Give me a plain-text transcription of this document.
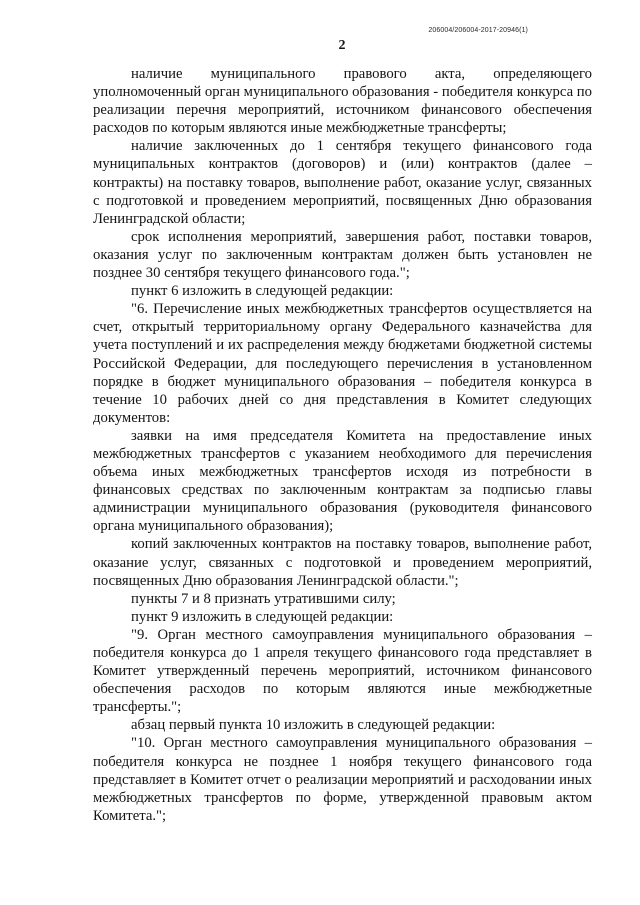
206004/206004-2017-20946(1)
2

наличие муниципального правового акта, определяющего уполномоченный орган муниципального образования - победителя конкурса по реализации перечня мероприятий, источником финансового обеспечения расходов по которым являются иные межбюджетные трансферты;

наличие заключенных до 1 сентября текущего финансового года муниципальных контрактов (договоров) и (или) контрактов (далее – контракты) на поставку товаров, выполнение работ, оказание услуг, связанных с подготовкой и проведением мероприятий, посвященных Дню образования Ленинградской области;

срок исполнения мероприятий, завершения работ, поставки товаров, оказания услуг по заключенным контрактам должен быть установлен не позднее 30 сентября текущего финансового года.";

пункт 6 изложить в следующей редакции:

"6. Перечисление иных межбюджетных трансфертов осуществляется на счет, открытый территориальному органу Федерального казначейства для учета поступлений и их распределения между бюджетами бюджетной системы Российской Федерации, для последующего перечисления в установленном порядке в бюджет муниципального образования – победителя конкурса в течение 10 рабочих дней со дня представления в Комитет следующих документов:

заявки на имя председателя Комитета на предоставление иных межбюджетных трансфертов с указанием необходимого для перечисления объема иных межбюджетных трансфертов исходя из потребности в финансовых средствах по заключенным контрактам за подписью главы администрации муниципального образования (руководителя финансового органа муниципального образования);

копий заключенных контрактов на поставку товаров, выполнение работ, оказание услуг, связанных с подготовкой и проведением мероприятий, посвященных Дню образования Ленинградской области.";

пункты 7 и 8 признать утратившими силу;

пункт 9 изложить в следующей редакции:

"9. Орган местного самоуправления муниципального образования – победителя конкурса до 1 апреля текущего финансового года представляет в Комитет утвержденный перечень мероприятий, источником финансового обеспечения расходов по которым являются иные межбюджетные трансферты.";

абзац первый пункта 10 изложить в следующей редакции:

"10. Орган местного самоуправления муниципального образования – победителя конкурса не позднее 1 ноября текущего финансового года представляет в Комитет отчет о реализации мероприятий и расходовании иных межбюджетных трансфертов по форме, утвержденной правовым актом Комитета.";
